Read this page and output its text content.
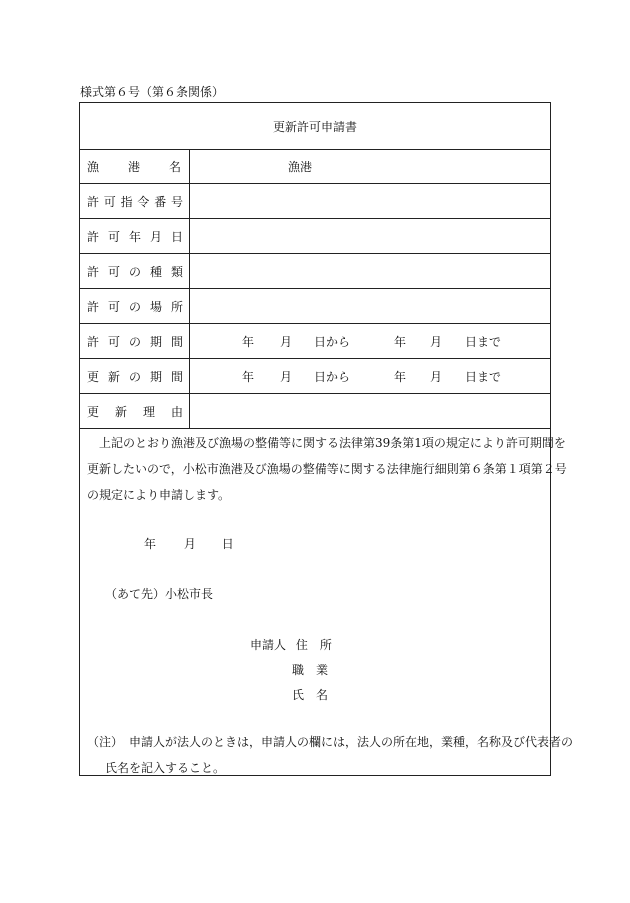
様式第６号（第６条関係）
更新許可申請書
漁 港 名	漁港
許 可 指 令 番 号
許 可 年 月 日
許 可 の 種 類
許 可 の 場 所
許 可 の 期 間	年 月 日から	年 月 日まで
更 新 の 期 間	年 月 日から	年 月 日まで
更 新 理 由
上記のとおり漁港及び漁場の整備等に関する法律第39条第1項の規定により許可期間を
更新したいので，小松市漁港及び漁場の整備等に関する法律施行細則第６条第１項第２号
の規定により申請します。
年 月 日
（あて先）小松市長
申請人 住　所
職　業
氏　名
（注）　申請人が法人のときは，申請人の欄には，法人の所在地，業種，名称及び代表者の
氏名を記入すること。
